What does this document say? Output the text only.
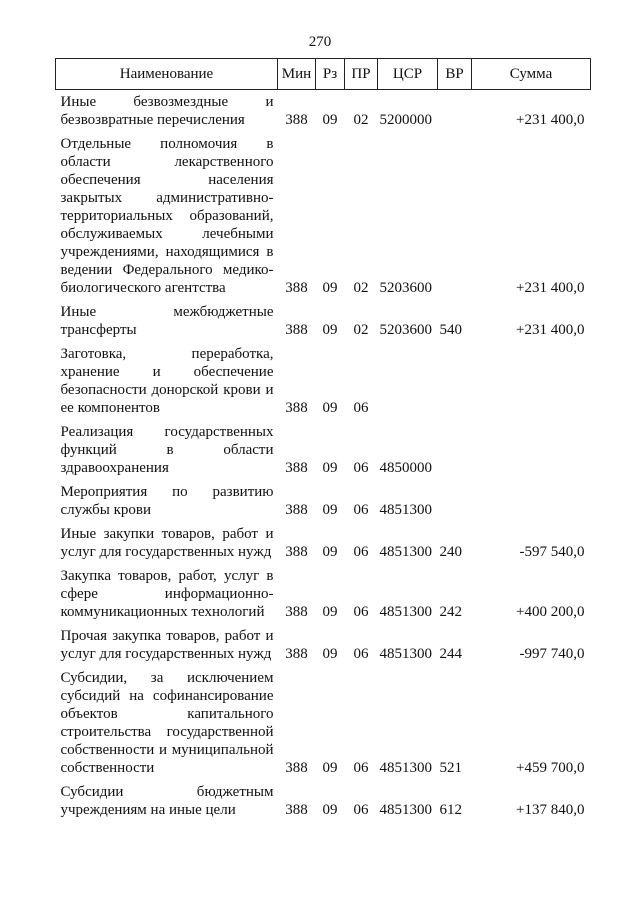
270
Наименование	Мин	Рз	ПР	ЦСР	ВР	Сумма
Иные безвозмездные и безвозвратные перечисления	388	09	02	5200000		+231 400,0
Отдельные полномочия в области лекарственного обеспечения населения закрытых административно-территориальных образований, обслуживаемых лечебными учреждениями, находящимися в ведении Федерального медико-биологического агентства	388	09	02	5203600		+231 400,0
Иные межбюджетные трансферты	388	09	02	5203600	540	+231 400,0
Заготовка, переработка, хранение и обеспечение безопасности донорской крови и ее компонентов	388	09	06			
Реализация государственных функций в области здравоохранения	388	09	06	4850000		
Мероприятия по развитию службы крови	388	09	06	4851300		
Иные закупки товаров, работ и услуг для государственных нужд	388	09	06	4851300	240	-597 540,0
Закупка товаров, работ, услуг в сфере информационно-коммуникационных технологий	388	09	06	4851300	242	+400 200,0
Прочая закупка товаров, работ и услуг для государственных нужд	388	09	06	4851300	244	-997 740,0
Субсидии, за исключением субсидий на софинансирование объектов капитального строительства государственной собственности и муниципальной собственности	388	09	06	4851300	521	+459 700,0
Субсидии бюджетным учреждениям на иные цели	388	09	06	4851300	612	+137 840,0
